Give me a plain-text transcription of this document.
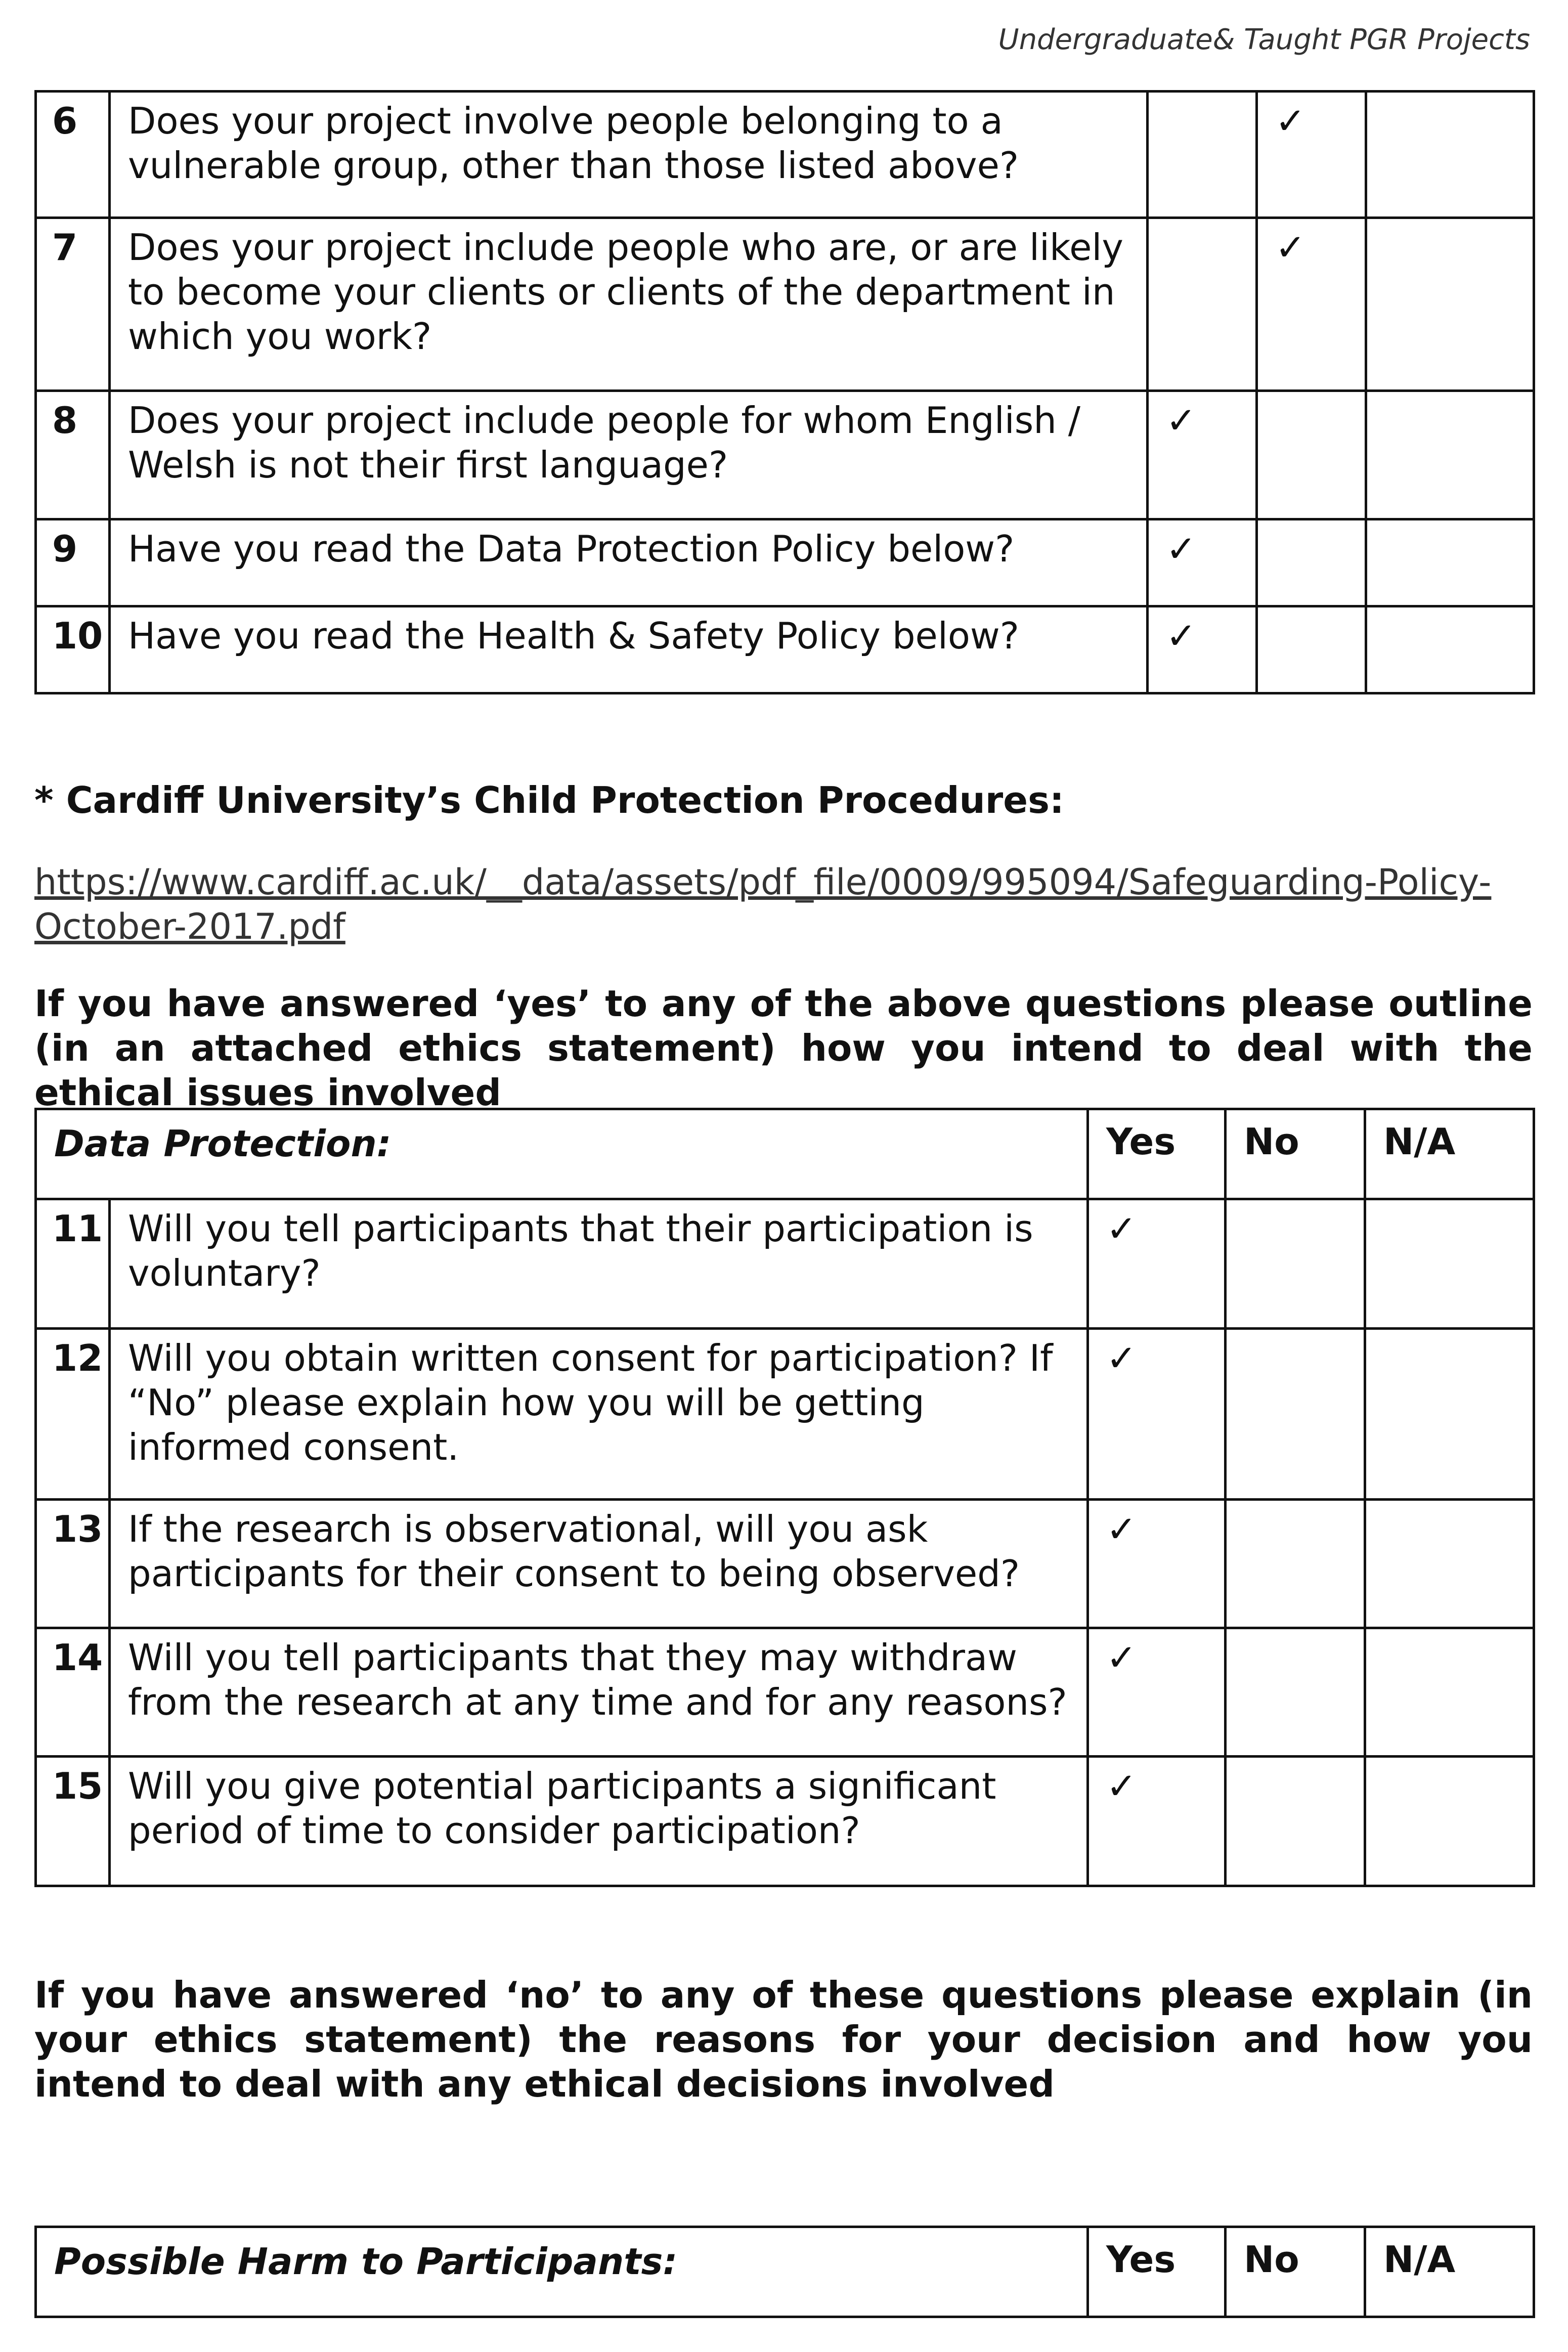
Undergraduate& Taught PGR Projects
6	Does your project involve people belonging to a vulnerable group, other than those listed above?		✓	
7	Does your project include people who are, or are likely to become your clients or clients of the department in which you work?		✓	
8	Does your project include people for whom English / Welsh is not their first language?	✓		
9	Have you read the Data Protection Policy below?	✓		
10	Have you read the Health & Safety Policy below?	✓		
* Cardiff University’s Child Protection Procedures:
https://www.cardiff.ac.uk/__data/assets/pdf_file/0009/995094/Safeguarding-Policy-
October-2017.pdf
If you have answered ‘yes’ to any of the above questions please outline (in an attached ethics statement) how you intend to deal with the ethical issues involved
Data Protection:		Yes	No	N/A
11	Will you tell participants that their participation is voluntary?	✓		
12	Will you obtain written consent for participation? If “No” please explain how you will be getting informed consent.	✓		
13	If the research is observational, will you ask participants for their consent to being observed?	✓		
14	Will you tell participants that they may withdraw from the research at any time and for any reasons?	✓		
15	Will you give potential participants a significant period of time to consider participation?	✓		
If you have answered ‘no’ to any of these questions please explain (in your ethics statement) the reasons for your decision and how you intend to deal with any ethical decisions involved
Possible Harm to Participants:	Yes	No	N/A
